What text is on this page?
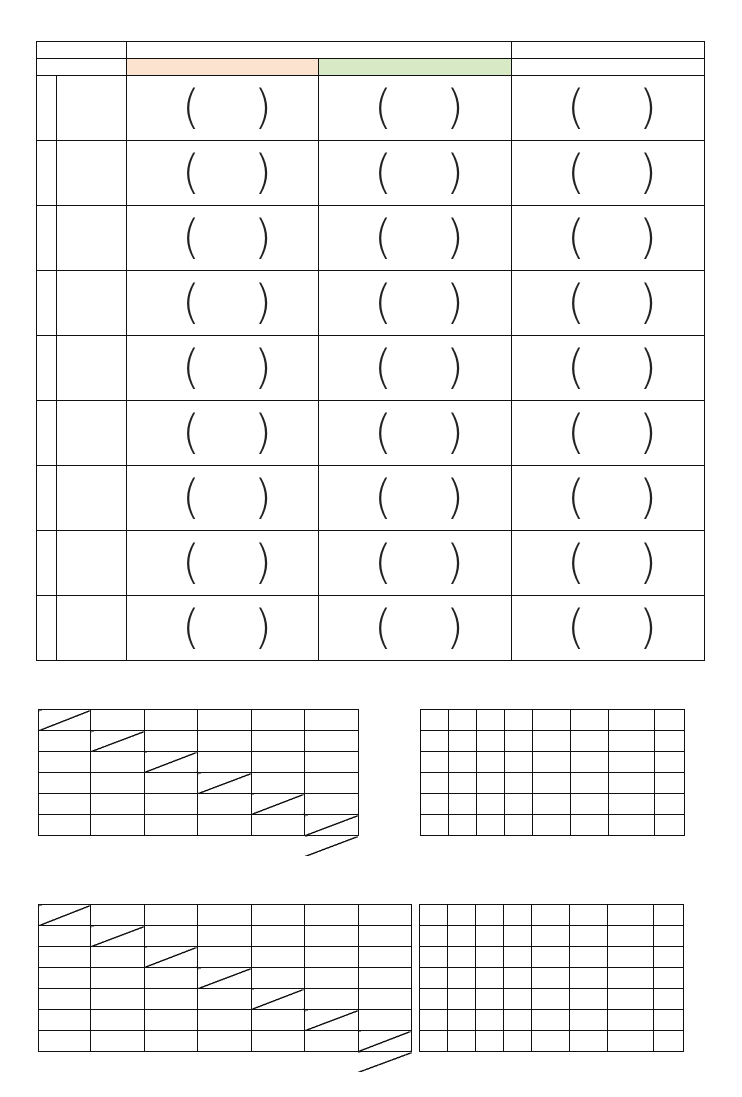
		( )	( )	( )

		( )	( )	( )

		( )	( )	( )

		( )	( )	( )

		( )	( )	( )

		( )	( )	( )

		( )	( )	( )

		( )	( )	( )

		( )	( )	( )
